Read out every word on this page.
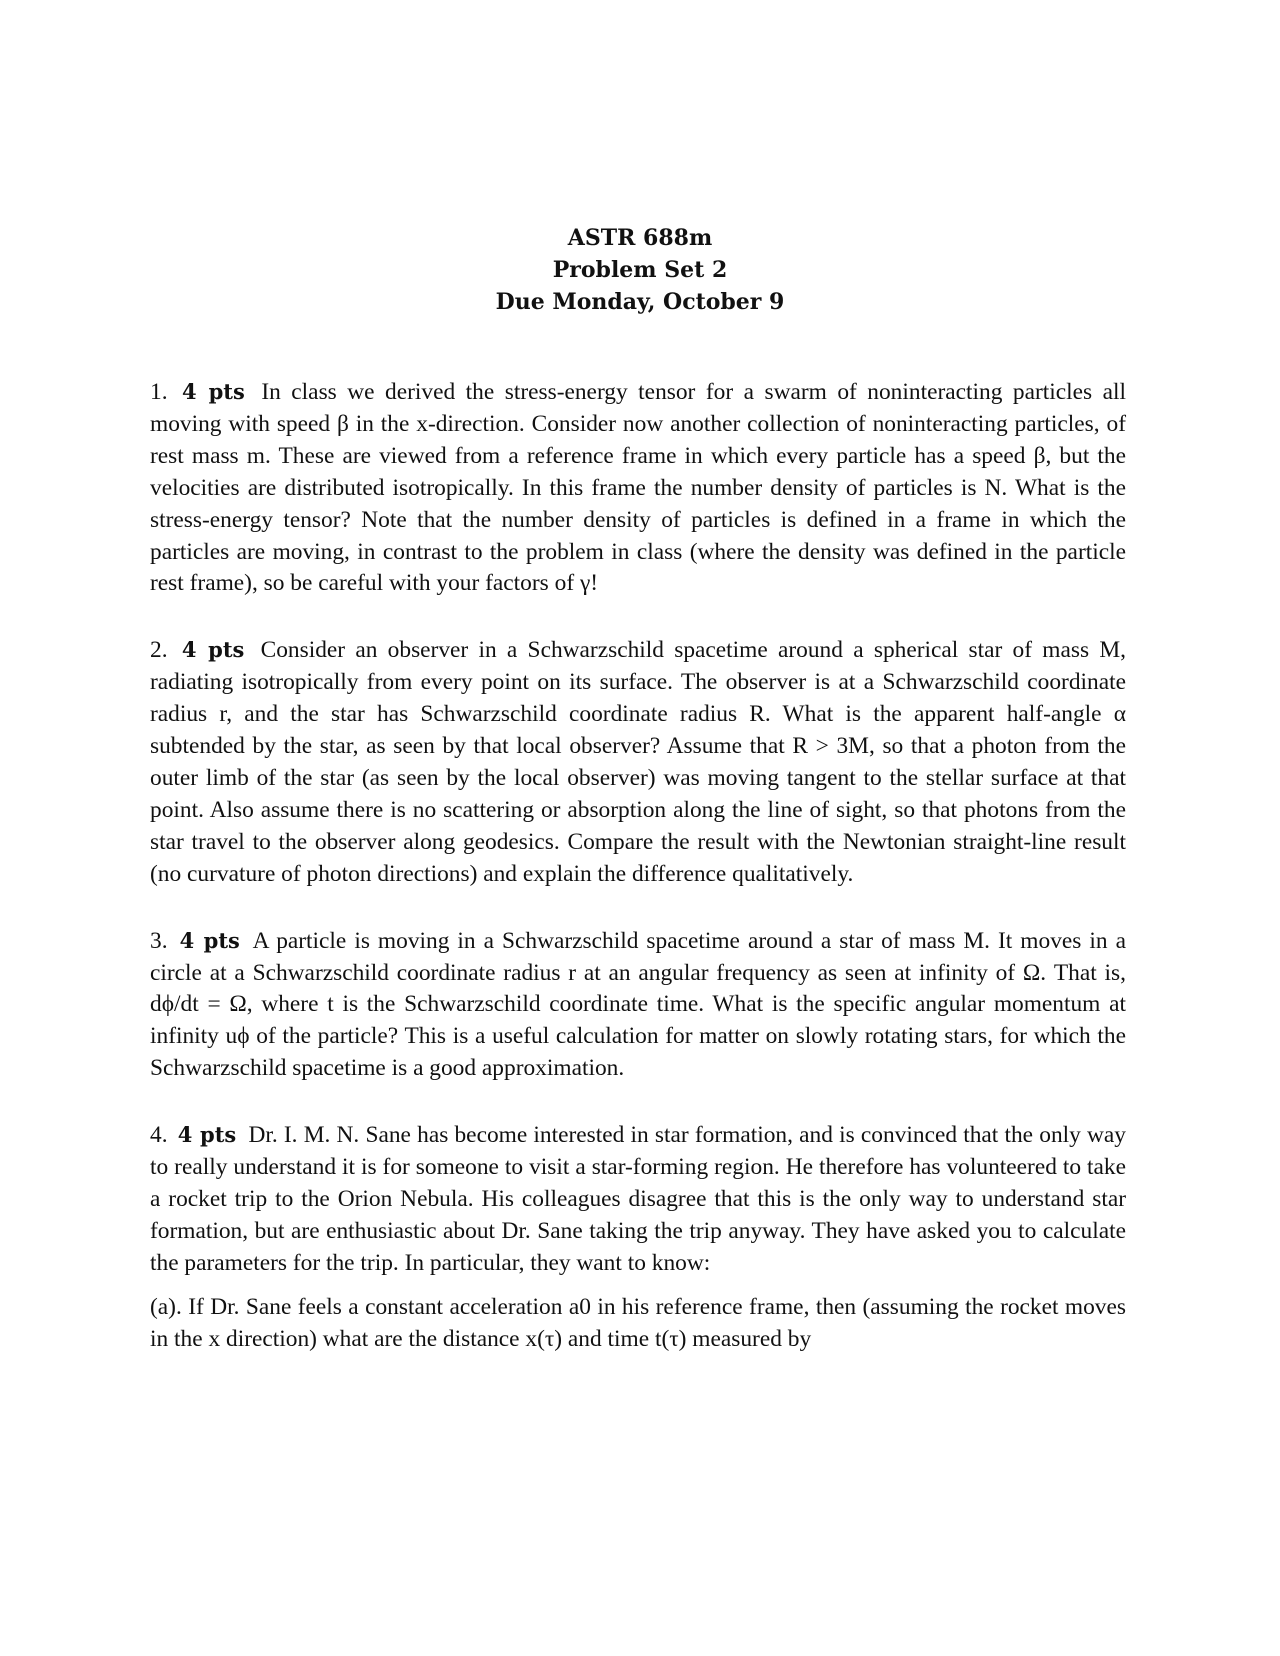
ASTR 688m
Problem Set 2
Due Monday, October 9

1. 4 pts In class we derived the stress-energy tensor for a swarm of noninteracting particles all moving with speed β in the x-direction. Consider now another collection of noninteracting particles, of rest mass m. These are viewed from a reference frame in which every particle has a speed β, but the velocities are distributed isotropically. In this frame the number density of particles is N. What is the stress-energy tensor? Note that the number density of particles is defined in a frame in which the particles are moving, in contrast to the problem in class (where the density was defined in the particle rest frame), so be careful with your factors of γ!

2. 4 pts Consider an observer in a Schwarzschild spacetime around a spherical star of mass M, radiating isotropically from every point on its surface. The observer is at a Schwarzschild coordinate radius r, and the star has Schwarzschild coordinate radius R. What is the apparent half-angle α subtended by the star, as seen by that local observer? Assume that R > 3M, so that a photon from the outer limb of the star (as seen by the local observer) was moving tangent to the stellar surface at that point. Also assume there is no scattering or absorption along the line of sight, so that photons from the star travel to the observer along geodesics. Compare the result with the Newtonian straight-line result (no curvature of photon directions) and explain the difference qualitatively.

3. 4 pts A particle is moving in a Schwarzschild spacetime around a star of mass M. It moves in a circle at a Schwarzschild coordinate radius r at an angular frequency as seen at infinity of Ω. That is, dϕ/dt = Ω, where t is the Schwarzschild coordinate time. What is the specific angular momentum at infinity uϕ of the particle? This is a useful calculation for matter on slowly rotating stars, for which the Schwarzschild spacetime is a good approximation.

4. 4 pts Dr. I. M. N. Sane has become interested in star formation, and is convinced that the only way to really understand it is for someone to visit a star-forming region. He therefore has volunteered to take a rocket trip to the Orion Nebula. His colleagues disagree that this is the only way to understand star formation, but are enthusiastic about Dr. Sane taking the trip anyway. They have asked you to calculate the parameters for the trip. In particular, they want to know:

(a). If Dr. Sane feels a constant acceleration a0 in his reference frame, then (assuming the rocket moves in the x direction) what are the distance x(τ) and time t(τ) measured by
